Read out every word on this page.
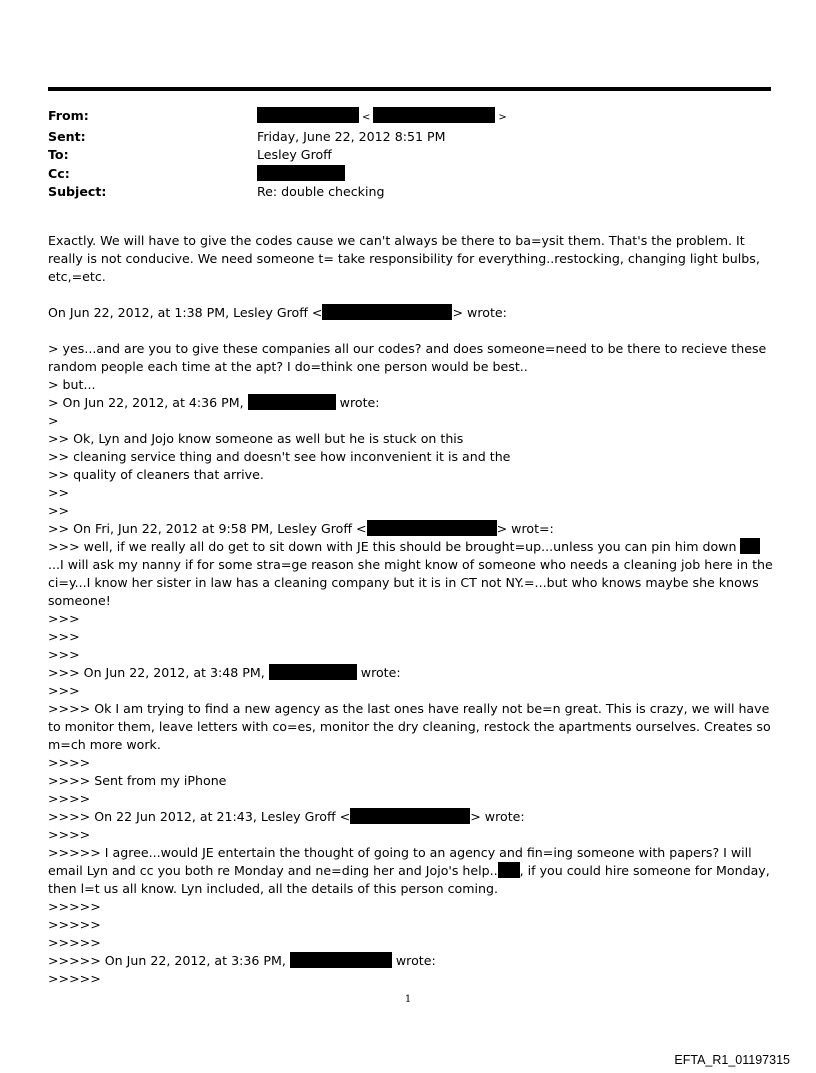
From:	<	>
Sent:	Friday, June 22, 2012 8:51 PM
To:	Lesley Groff
Cc:
Subject:	Re: double checking

Exactly. We will have to give the codes cause we can't always be there to ba=ysit them. That's the problem. It really is not conducive. We need someone t= take responsibility for everything..restocking, changing light bulbs, etc,=etc.

On Jun 22, 2012, at 1:38 PM, Lesley Groff <	> wrote:

> yes...and are you to give these companies all our codes? and does someone=need to be there to recieve these random people each time at the apt? I do=think one person would be best..

> but...

> On Jun 22, 2012, at 4:36 PM,	wrote:

>

>> Ok, Lyn and Jojo know someone as well but he is stuck on this

>> cleaning service thing and doesn't see how inconvenient it is and the

>> quality of cleaners that arrive.

>>

>>

>> On Fri, Jun 22, 2012 at 9:58 PM, Lesley Groff <	> wrot=:

>>> well, if we really all do get to sit down with JE this should be brought=up...unless you can pin him down ...I will ask my nanny if for some stra=ge reason she might know of someone who needs a cleaning job here in the ci=y...I know her sister in law has a cleaning company but it is in CT not NY.=...but who knows maybe she knows someone!

>>>

>>>

>>>

>>> On Jun 22, 2012, at 3:48 PM,	wrote:

>>>

>>>> Ok I am trying to find a new agency as the last ones have really not be=n great. This is crazy, we will have to monitor them, leave letters with co=es, monitor the dry cleaning, restock the apartments ourselves. Creates so m=ch more work.

>>>>

>>>> Sent from my iPhone

>>>>

>>>> On 22 Jun 2012, at 21:43, Lesley Groff <	> wrote:

>>>>

>>>>> I agree...would JE entertain the thought of going to an agency and fin=ing someone with papers? I will email Lyn and cc you both re Monday and ne=ding her and Jojo's help.. , if you could hire someone for Monday, then l=t us all know. Lyn included, all the details of this person coming.

>>>>>

>>>>>

>>>>>

>>>>> On Jun 22, 2012, at 3:36 PM,	wrote:

>>>>>

1
EFTA_R1_01197315
